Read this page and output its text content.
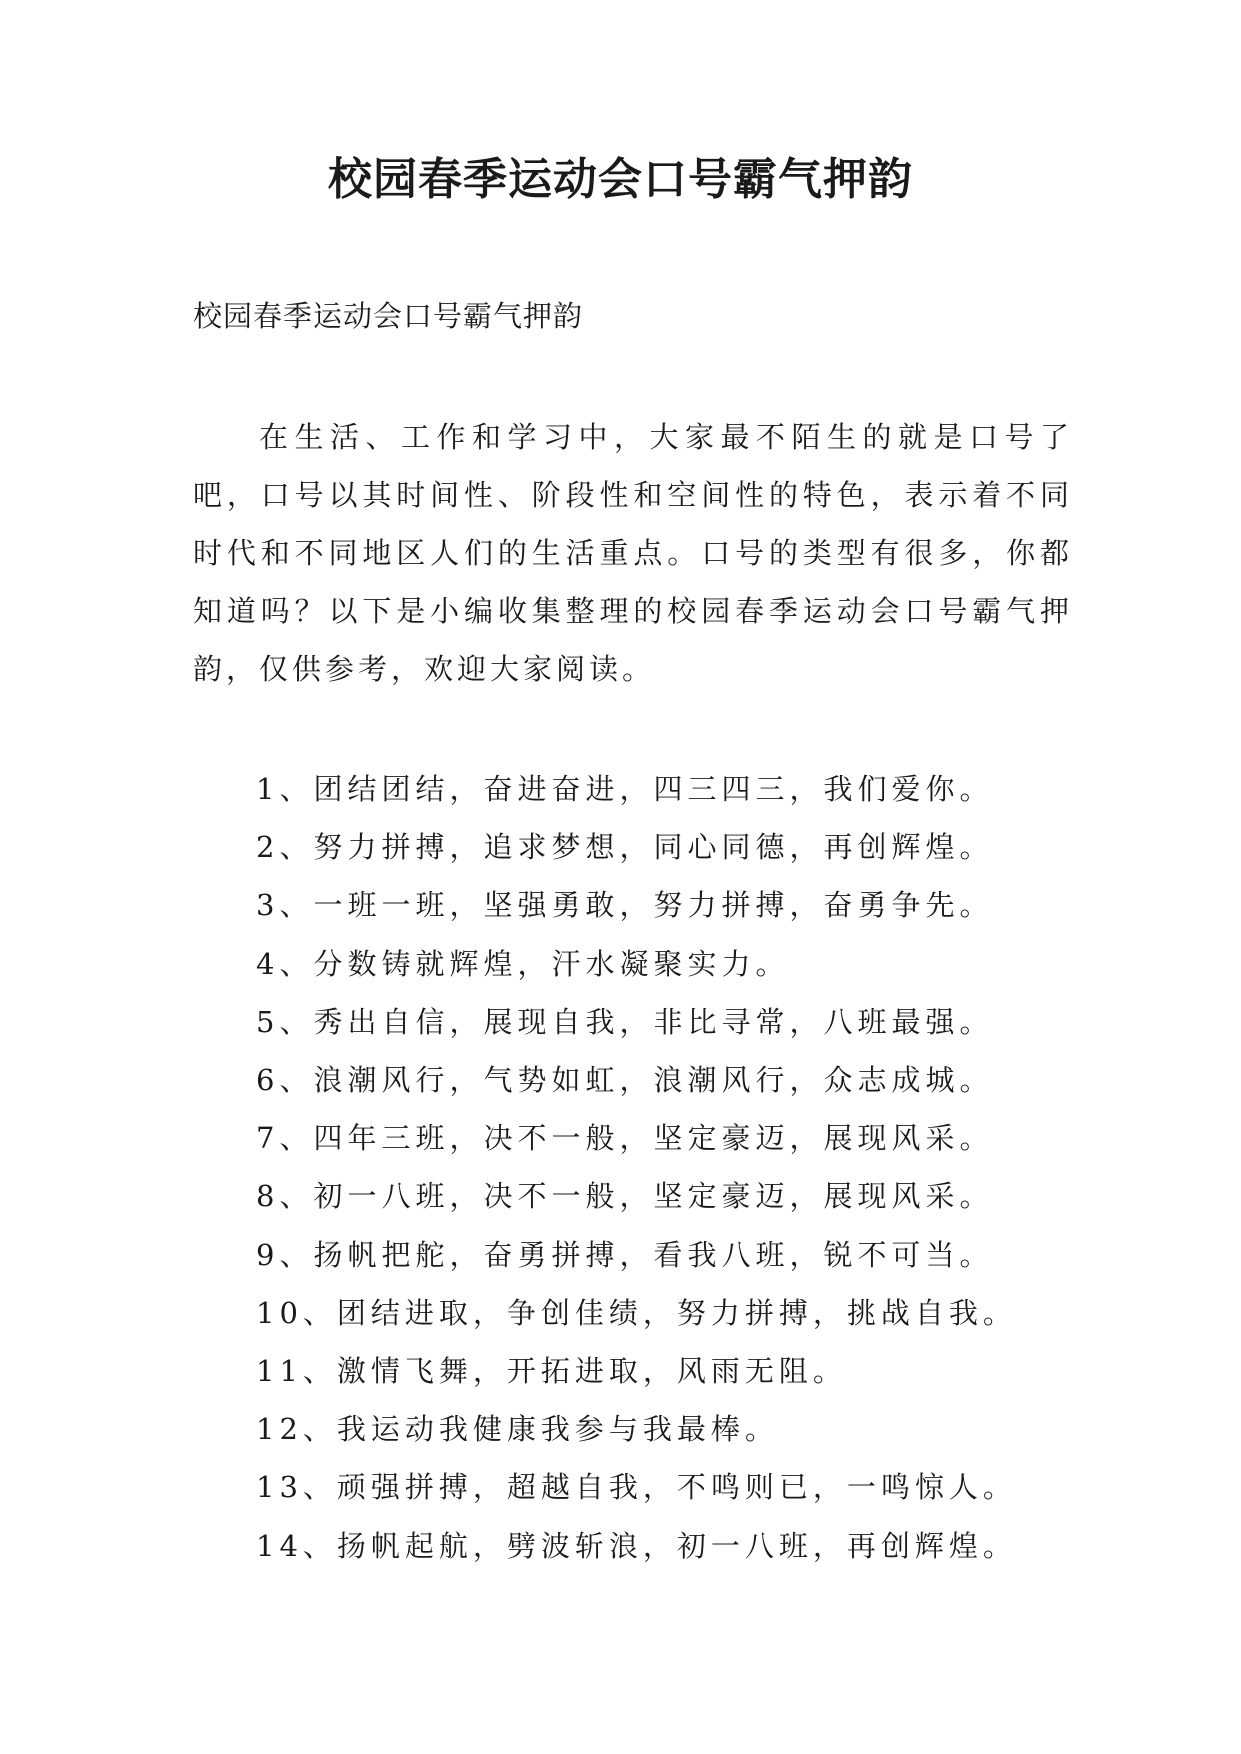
校园春季运动会口号霸气押韵

校园春季运动会口号霸气押韵

在生活、工作和学习中，大家最不陌生的就是口号了吧，口号以其时间性、阶段性和空间性的特色，表示着不同时代和不同地区人们的生活重点。口号的类型有很多，你都知道吗？以下是小编收集整理的校园春季运动会口号霸气押韵，仅供参考，欢迎大家阅读。

1、团结团结，奋进奋进，四三四三，我们爱你。
2、努力拼搏，追求梦想，同心同德，再创辉煌。
3、一班一班，坚强勇敢，努力拼搏，奋勇争先。
4、分数铸就辉煌，汗水凝聚实力。
5、秀出自信，展现自我，非比寻常，八班最强。
6、浪潮风行，气势如虹，浪潮风行，众志成城。
7、四年三班，决不一般，坚定豪迈，展现风采。
8、初一八班，决不一般，坚定豪迈，展现风采。
9、扬帆把舵，奋勇拼搏，看我八班，锐不可当。
10、团结进取，争创佳绩，努力拼搏，挑战自我。
11、激情飞舞，开拓进取，风雨无阻。
12、我运动我健康我参与我最棒。
13、顽强拼搏，超越自我，不鸣则已，一鸣惊人。
14、扬帆起航，劈波斩浪，初一八班，再创辉煌。
